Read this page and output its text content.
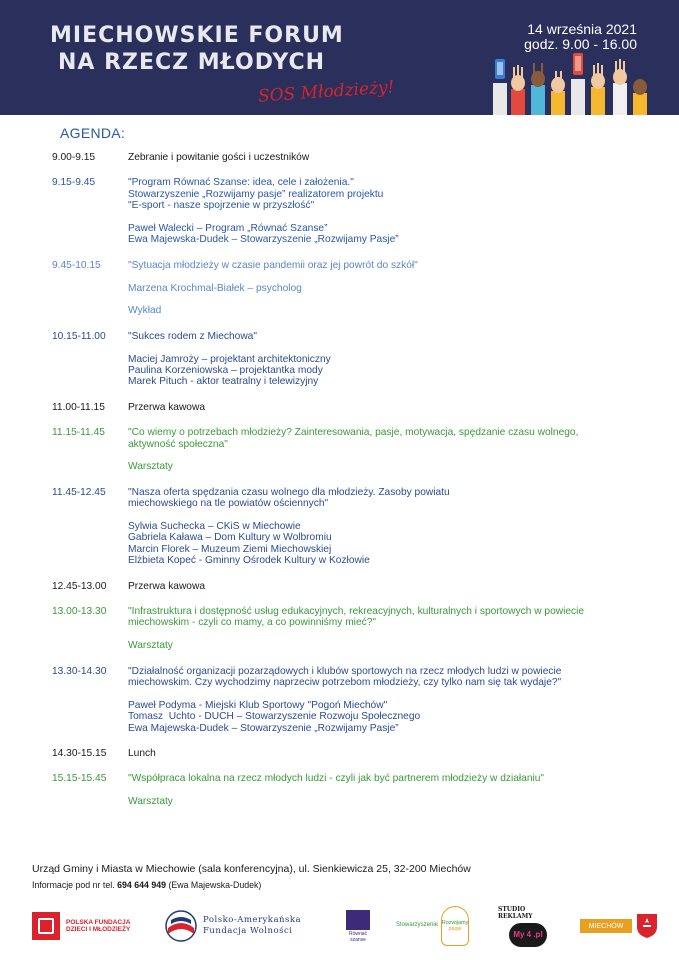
MIECHOWSKIE FORUM
NA RZECZ MŁODYCH
SOS Młodzieży!
14 września 2021
godz. 9.00 - 16.00
AGENDA:
9.00-9.15	Zebranie i powitanie gości i uczestników
9.15-9.45	"Program Równać Szanse: idea, cele i założenia."
Stowarzyszenie „Rozwijamy pasje” realizatorem projektu
"E-sport - nasze spojrzenie w przyszłość"
Paweł Walecki – Program „Równać Szanse”
Ewa Majewska-Dudek – Stowarzyszenie „Rozwijamy Pasje”
9.45-10.15	"Sytuacja młodzieży w czasie pandemii oraz jej powrót do szkół"
Marzena Krochmal-Białek – psycholog
Wykład
10.15-11.00	"Sukces rodem z Miechowa"
Maciej Jamroży – projektant architektoniczny
Paulina Korzeniowska – projektantka mody
Marek Pituch - aktor teatralny i telewizyjny
11.00-11.15	Przerwa kawowa
11.15-11.45	"Co wiemy o potrzebach młodzieży? Zainteresowania, pasje, motywacja, spędzanie czasu wolnego,
aktywność społeczna"
Warsztaty
11.45-12.45	"Nasza oferta spędzania czasu wolnego dla młodzieży. Zasoby powiatu
miechowskiego na tle powiatów ościennych"
Sylwia Suchecka – CKiS w Miechowie
Gabriela Kaława – Dom Kultury w Wolbromiu
Marcin Florek – Muzeum Ziemi Miechowskiej
Elżbieta Kopeć - Gminny Ośrodek Kultury w Kozłowie
12.45-13.00	Przerwa kawowa
13.00-13.30	"Infrastruktura i dostępność usług edukacyjnych, rekreacyjnych, kulturalnych i sportowych w powiecie
miechowskim - czyli co mamy, a co powinniśmy mieć?"
Warsztaty
13.30-14.30	"Działalność organizacji pozarządowych i klubów sportowych na rzecz młodych ludzi w powiecie
miechowskim. Czy wychodzimy naprzeciw potrzebom młodzieży, czy tylko nam się tak wydaje?"
Paweł Podyma - Miejski Klub Sportowy "Pogoń Miechów"
Tomasz  Uchto - DUCH – Stowarzyszenie Rozwoju Społecznego
Ewa Majewska-Dudek – Stowarzyszenie „Rozwijamy Pasje”
14.30-15.15	Lunch
15.15-15.45	"Współpraca lokalna na rzecz młodych ludzi - czyli jak być partnerem młodzieży w działaniu"
Warsztaty
Urząd Gminy i Miasta w Miechowie (sala konferencyjna), ul. Sienkiewicza 25, 32-200 Miechów
Informacje pod nr tel. 694 644 949 (Ewa Majewska-Dudek)
POLSKA FUNDACJA
DZIECI I MŁODZIEŻY
Polsko-Amerykańska
Fundacja Wolności	Równać
szanse
Stowarzyszenie Rozwijamy
pasje
STUDIO REKLAMY
My 4 .pl
MIECHÓW
